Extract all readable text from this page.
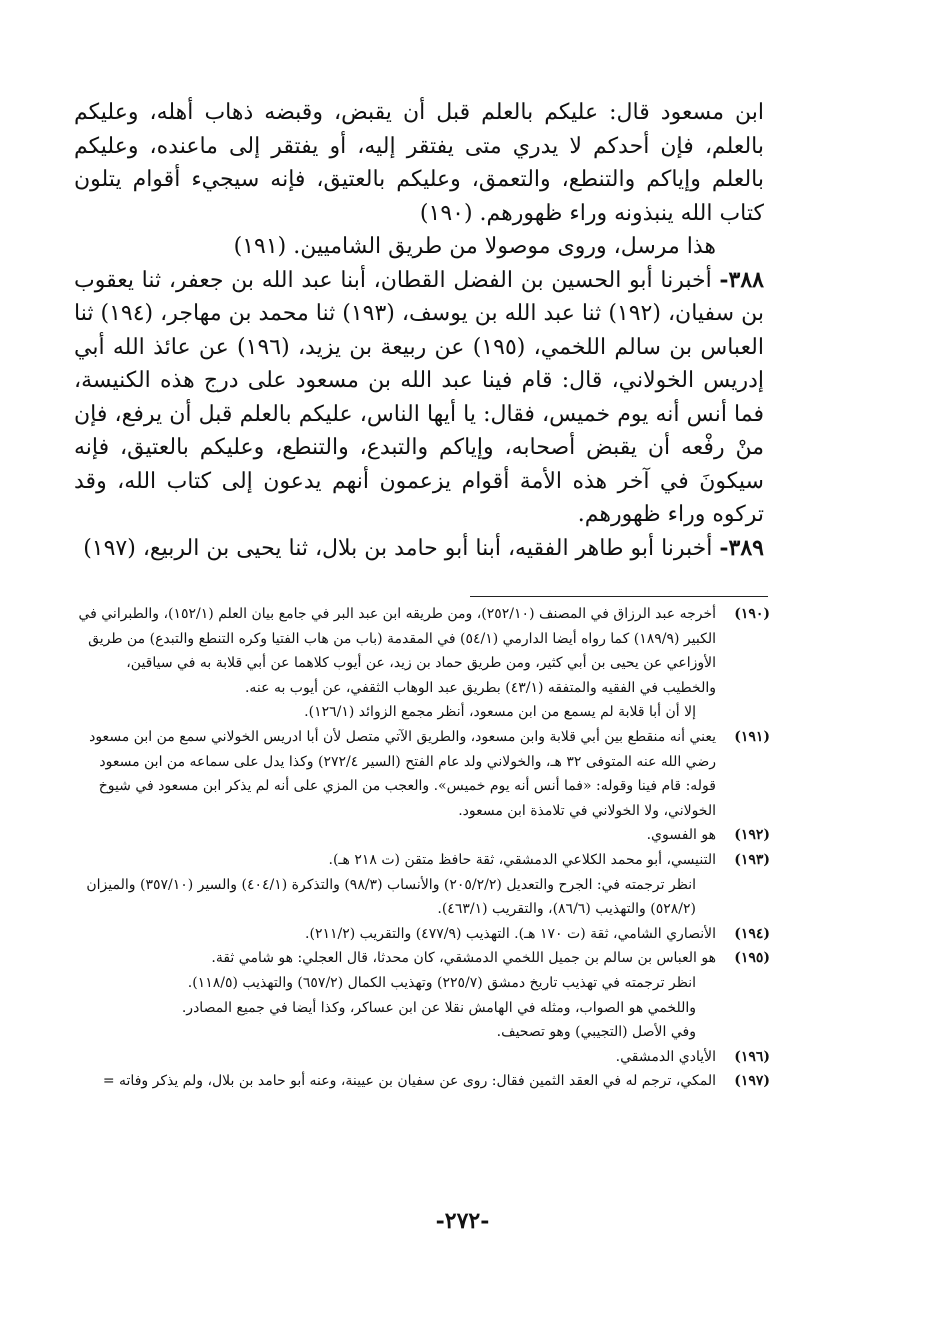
ابن مسعود قال: عليكم بالعلم قبل أن يقبض، وقبضه ذهاب أهله، وعليكم بالعلم، فإن أحدكم لا يدري متى يفتقر إليه، أو يفتقر إلى ماعنده، وعليكم بالعلم وإياكم والتنطع، والتعمق، وعليكم بالعتيق، فإنه سيجيء أقوام يتلون كتاب الله ينبذونه وراء ظهورهم. (١٩٠)

هذا مرسل، وروى موصولا من طريق الشاميين. (١٩١)

٣٨٨- أخبرنا أبو الحسين بن الفضل القطان، أبنا عبد الله بن جعفر، ثنا يعقوب بن سفيان، (١٩٢) ثنا عبد الله بن يوسف، (١٩٣) ثنا محمد بن مهاجر، (١٩٤) ثنا العباس بن سالم اللخمي، (١٩٥) عن ربيعة بن يزيد، (١٩٦) عن عائذ الله أبي إدريس الخولاني، قال: قام فينا عبد الله بن مسعود على درج هذه الكنيسة، فما أنس أنه يوم خميس، فقال: يا أيها الناس، عليكم بالعلم قبل أن يرفع، فإن منْ رفْعه أن يقبض أصحابه، وإياكم والتبدع، والتنطع، وعليكم بالعتيق، فإنه سيكونَ في آخر هذه الأمة أقوام يزعمون أنهم يدعون إلى كتاب الله، وقد تركوه وراء ظهورهم.

٣٨٩- أخبرنا أبو طاهر الفقيه، أبنا أبو حامد بن بلال، ثنا يحيى بن الربيع، (١٩٧)

(١٩٠)

أخرجه عبد الرزاق في المصنف (٢٥٢/١٠)، ومن طريقه ابن عبد البر في جامع بيان العلم (١٥٢/١)، والطبراني في الكبير (١٨٩/٩) كما رواه أيضا الدارمي (٥٤/١) في المقدمة (باب من هاب الفتيا وكره التنطع والتبدع) من طريق الأوزاعي عن يحيى بن أبي كثير، ومن طريق حماد بن زيد، عن أيوب كلاهما عن أبي قلابة به في سياقين، والخطيب في الفقيه والمتفقه (٤٣/١) بطريق عبد الوهاب الثقفي، عن أيوب به عنه.

إلا أن أبا قلابة لم يسمع من ابن مسعود، أنظر مجمع الزوائد (١٢٦/١).

(١٩١)

يعني أنه منقطع بين أبي قلابة وابن مسعود، والطريق الآتي متصل لأن أبا ادريس الخولاني سمع من ابن مسعود رضي الله عنه المتوفى ٣٢ هـ، والخولاني ولد عام الفتح (السير ٢٧٢/٤) وكذا يدل على سماعه من ابن مسعود قوله: قام فينا وقوله: «فما أنس أنه يوم خميس». والعجب من المزي على أنه لم يذكر ابن مسعود في شيوخ الخولاني، ولا الخولاني في تلامذة ابن مسعود.

(١٩٢)

هو الفسوي.

(١٩٣)

التنيسي، أبو محمد الكلاعي الدمشقي، ثقة حافظ متقن (ت ٢١٨ هـ).

انظر ترجمته في: الجرح والتعديل (٢٠٥/٢/٢) والأنساب (٩٨/٣) والتذكرة (٤٠٤/١) والسير (٣٥٧/١٠) والميزان (٥٢٨/٢) والتهذيب (٨٦/٦)، والتقريب (٤٦٣/١).

(١٩٤)

الأنصاري الشامي، ثقة (ت ١٧٠ هـ). التهذيب (٤٧٧/٩) والتقريب (٢١١/٢).

(١٩٥)

هو العباس بن سالم بن جميل اللخمي الدمشقي، كان محدثا، قال العجلي: هو شامي ثقة.

انظر ترجمته في تهذيب تاريخ دمشق (٢٢٥/٧) وتهذيب الكمال (٦٥٧/٢) والتهذيب (١١٨/٥).

واللخمي هو الصواب، ومثله في الهامش نقلا عن ابن عساكر، وكذا أيضا في جميع المصادر.

وفي الأصل (التجيبي) وهو تصحيف.

(١٩٦)

الأيادي الدمشقي.

(١٩٧)

المكي، ترجم له في العقد الثمين فقال: روى عن سفيان بن عيينة، وعنه أبو حامد بن بلال، ولم يذكر وفاته =

-٢٧٢-
